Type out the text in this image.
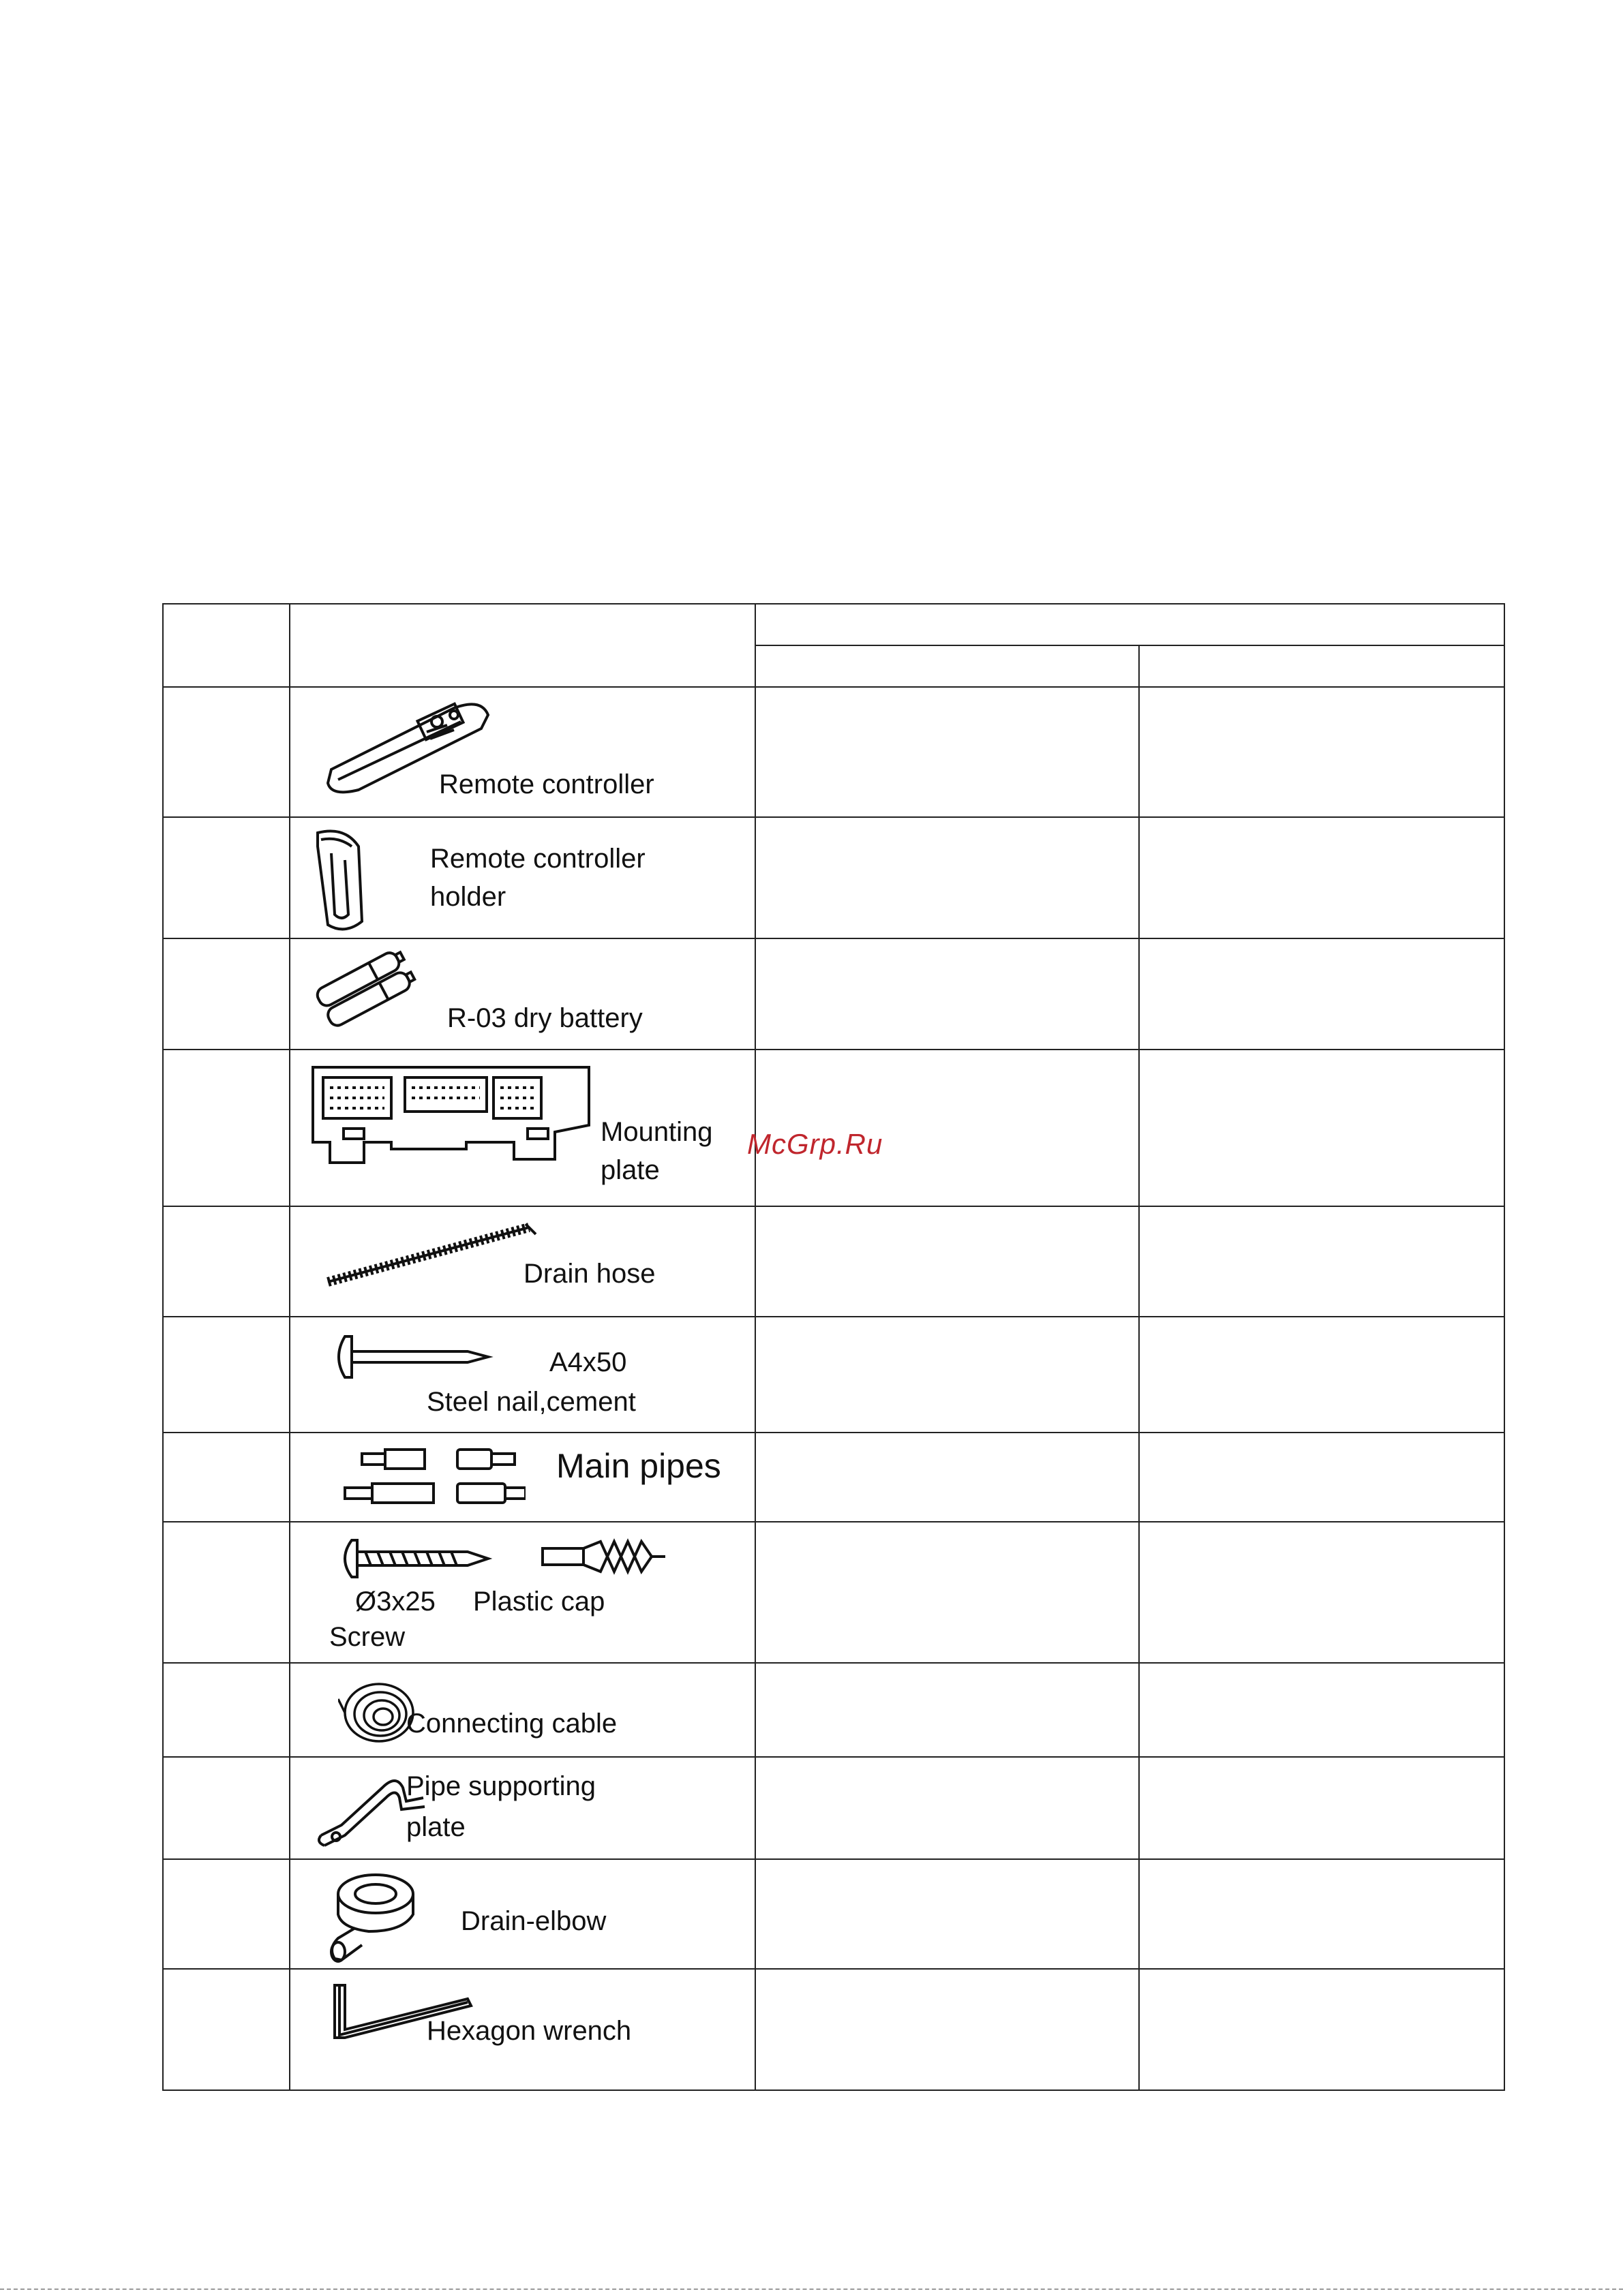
	Remote controller		

	Remote controller
holder		

	R-03 dry battery		

	Mounting
plate		

	Drain hose		

	A4x50
Steel nail,cement		

	Main pipes		

	Ø3x25 Plastic cap
Screw		

	Connecting cable		

	Pipe supporting
plate		

	Drain-elbow		

	Hexagon wrench		

McGrp.Ru
